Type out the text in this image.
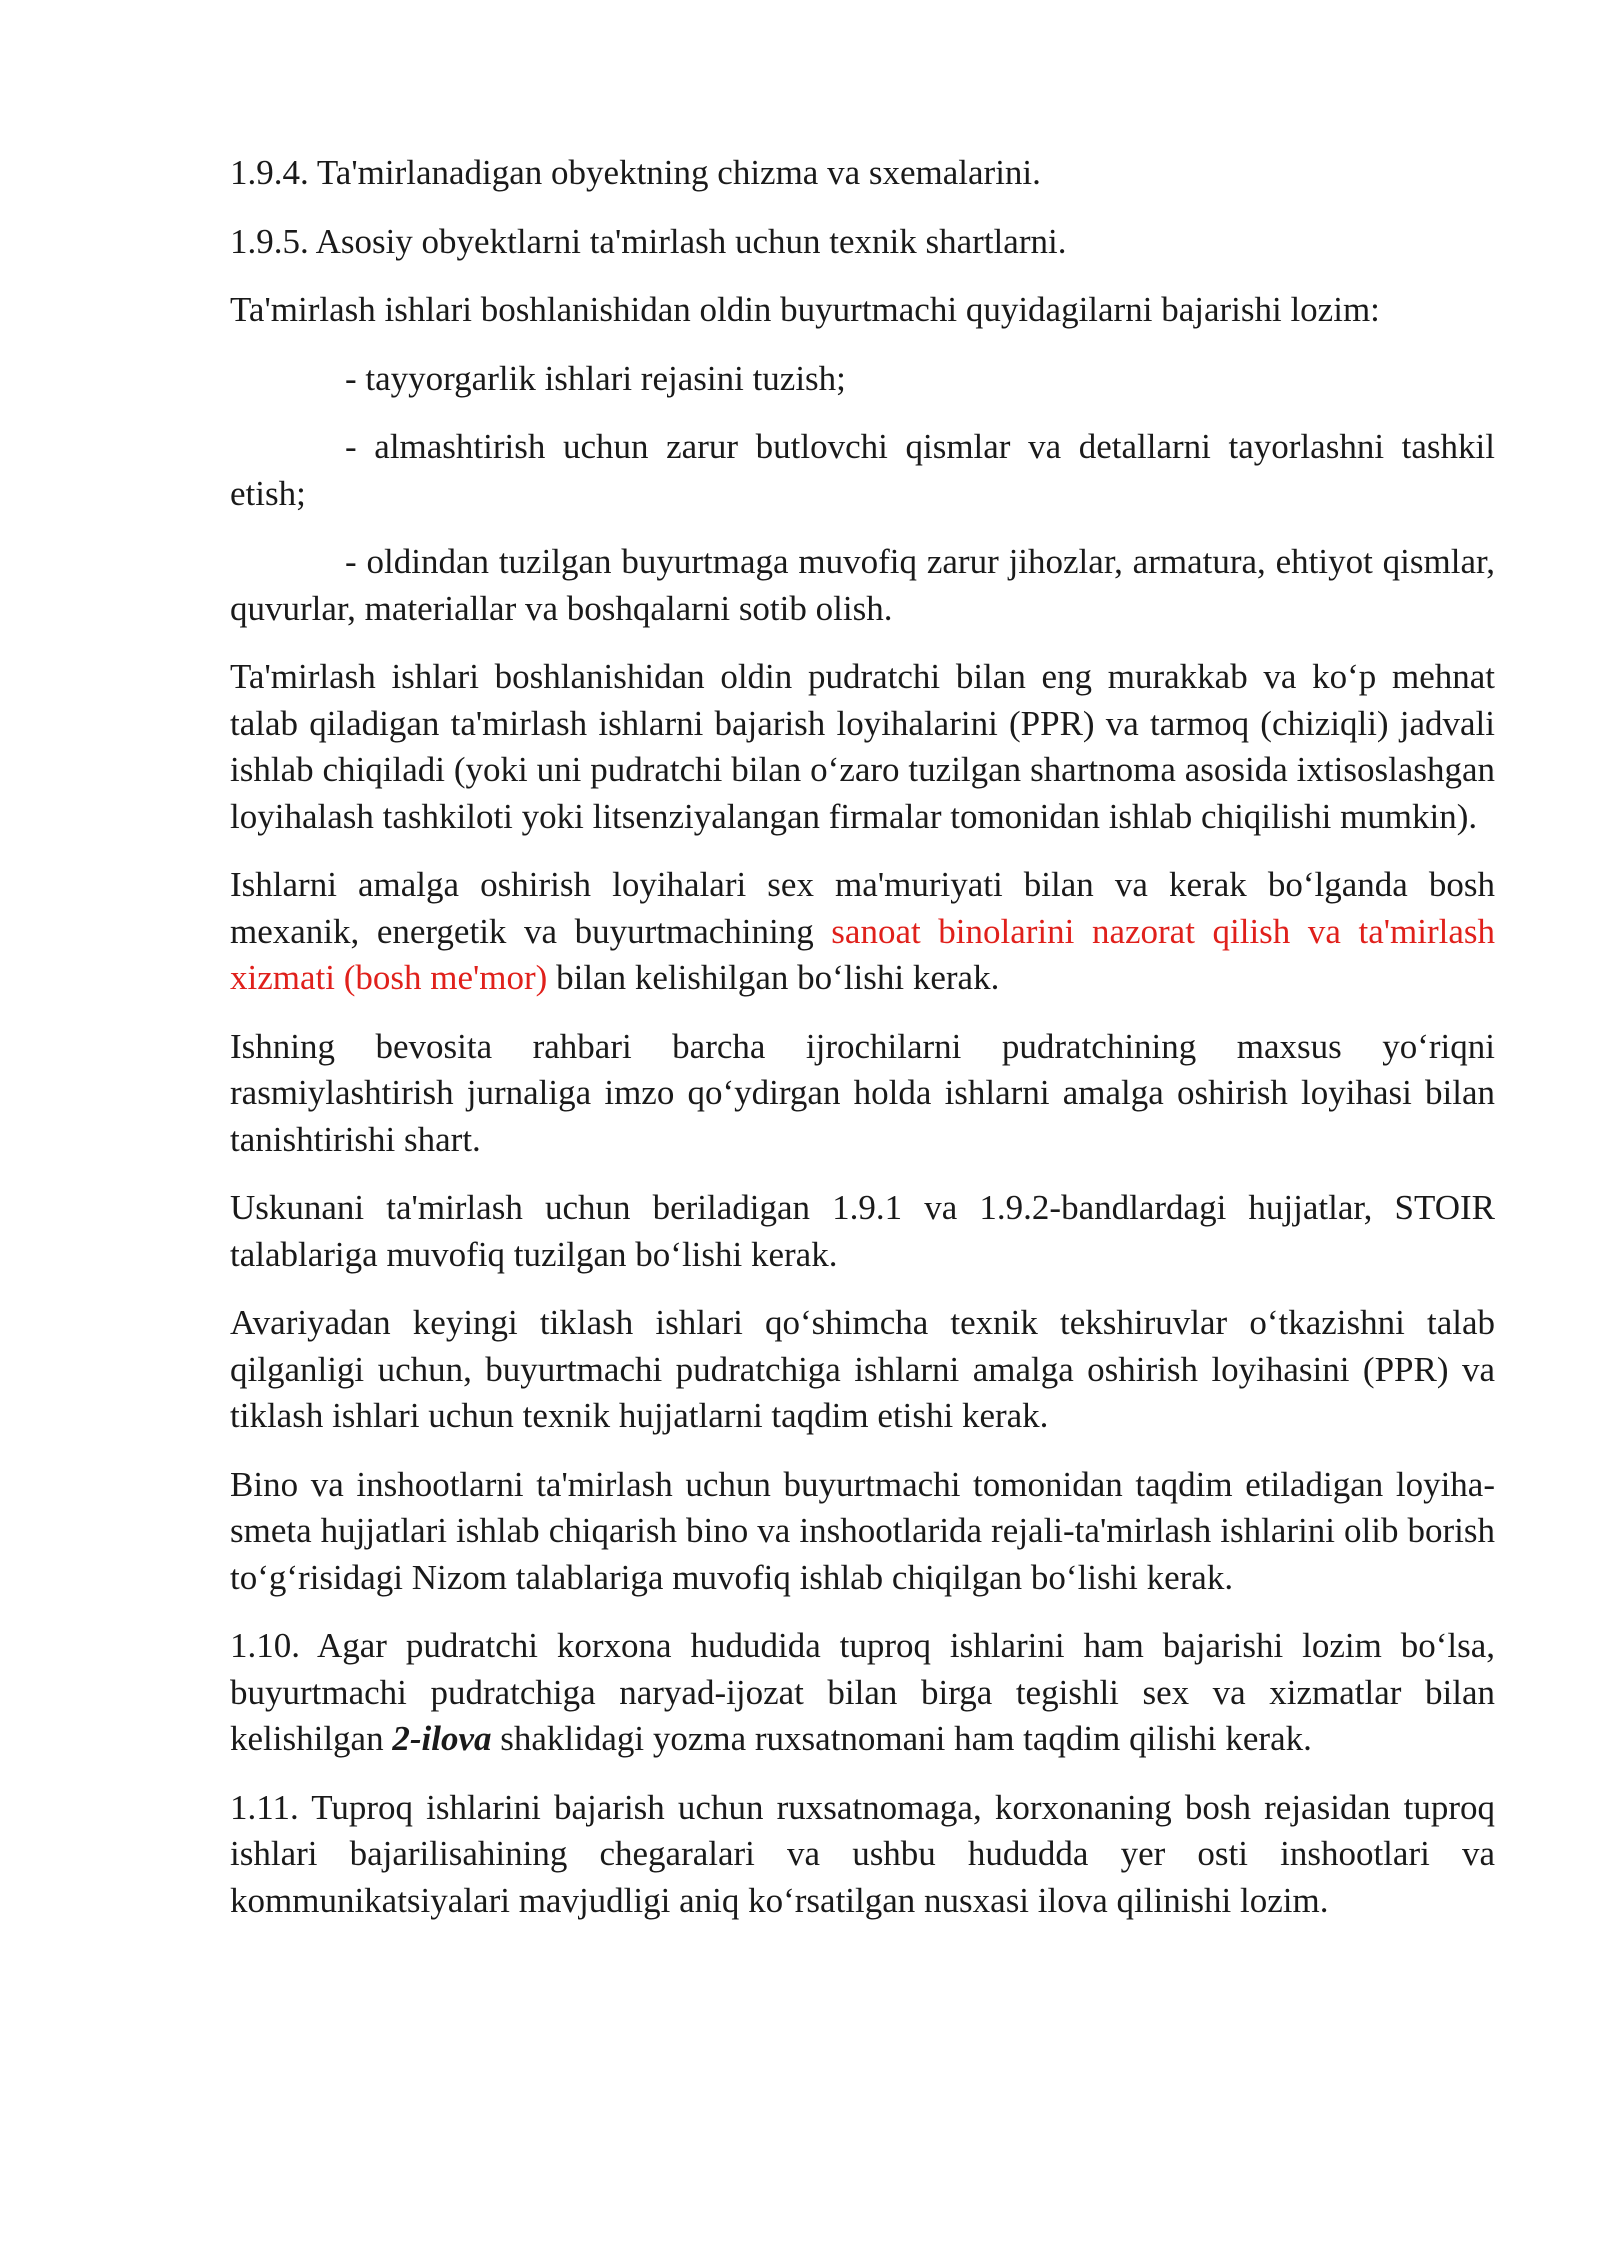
1.9.4. Ta'mirlanadigan obyektning chizma va sxemalarini.

1.9.5. Asosiy obyektlarni ta'mirlash uchun texnik shartlarni.

Ta'mirlash ishlari boshlanishidan oldin buyurtmachi quyidagilarni bajarishi lozim:

- tayyorgarlik ishlari rejasini tuzish;

- almashtirish uchun zarur butlovchi qismlar va detallarni tayorlashni tashkil etish;

- oldindan tuzilgan buyurtmaga muvofiq zarur jihozlar, armatura, ehtiyot qismlar, quvurlar, materiallar va boshqalarni sotib olish.

Ta'mirlash ishlari boshlanishidan oldin pudratchi bilan eng murakkab va ko‘p mehnat talab qiladigan ta'mirlash ishlarni bajarish loyihalarini (PPR) va tarmoq (chiziqli) jadvali ishlab chiqiladi (yoki uni pudratchi bilan o‘zaro tuzilgan shartnoma asosida ixtisoslashgan loyihalash tashkiloti yoki litsenziyalangan firmalar tomonidan ishlab chiqilishi mumkin).

Ishlarni amalga oshirish loyihalari sex ma'muriyati bilan va kerak bo‘lganda bosh mexanik, energetik va buyurtmachining sanoat binolarini nazorat qilish va ta'mirlash xizmati (bosh me'mor) bilan kelishilgan bo‘lishi kerak.

Ishning bevosita rahbari barcha ijrochilarni pudratchining maxsus yo‘riqni rasmiylashtirish jurnaliga imzo qo‘ydirgan holda ishlarni amalga oshirish loyihasi bilan tanishtirishi shart.

Uskunani ta'mirlash uchun beriladigan 1.9.1 va 1.9.2-bandlardagi hujjatlar, STOIR talablariga muvofiq tuzilgan bo‘lishi kerak.

Avariyadan keyingi tiklash ishlari qo‘shimcha texnik tekshiruvlar o‘tkazishni talab qilganligi uchun, buyurtmachi pudratchiga ishlarni amalga oshirish loyihasini (PPR) va tiklash ishlari uchun texnik hujjatlarni taqdim etishi kerak.

Bino va inshootlarni ta'mirlash uchun buyurtmachi tomonidan taqdim etiladigan loyiha-smeta hujjatlari ishlab chiqarish bino va inshootlarida rejali-ta'mirlash ishlarini olib borish to‘g‘risidagi Nizom talablariga muvofiq ishlab chiqilgan bo‘lishi kerak.

1.10. Agar pudratchi korxona hududida tuproq ishlarini ham bajarishi lozim bo‘lsa, buyurtmachi pudratchiga naryad-ijozat bilan birga tegishli sex va xizmatlar bilan kelishilgan 2-ilova shaklidagi yozma ruxsatnomani ham taqdim qilishi kerak.

1.11. Tuproq ishlarini bajarish uchun ruxsatnomaga, korxonaning bosh rejasidan tuproq ishlari bajarilisahining chegaralari va ushbu hududda yer osti inshootlari va kommunikatsiyalari mavjudligi aniq ko‘rsatilgan nusxasi ilova qilinishi lozim.
